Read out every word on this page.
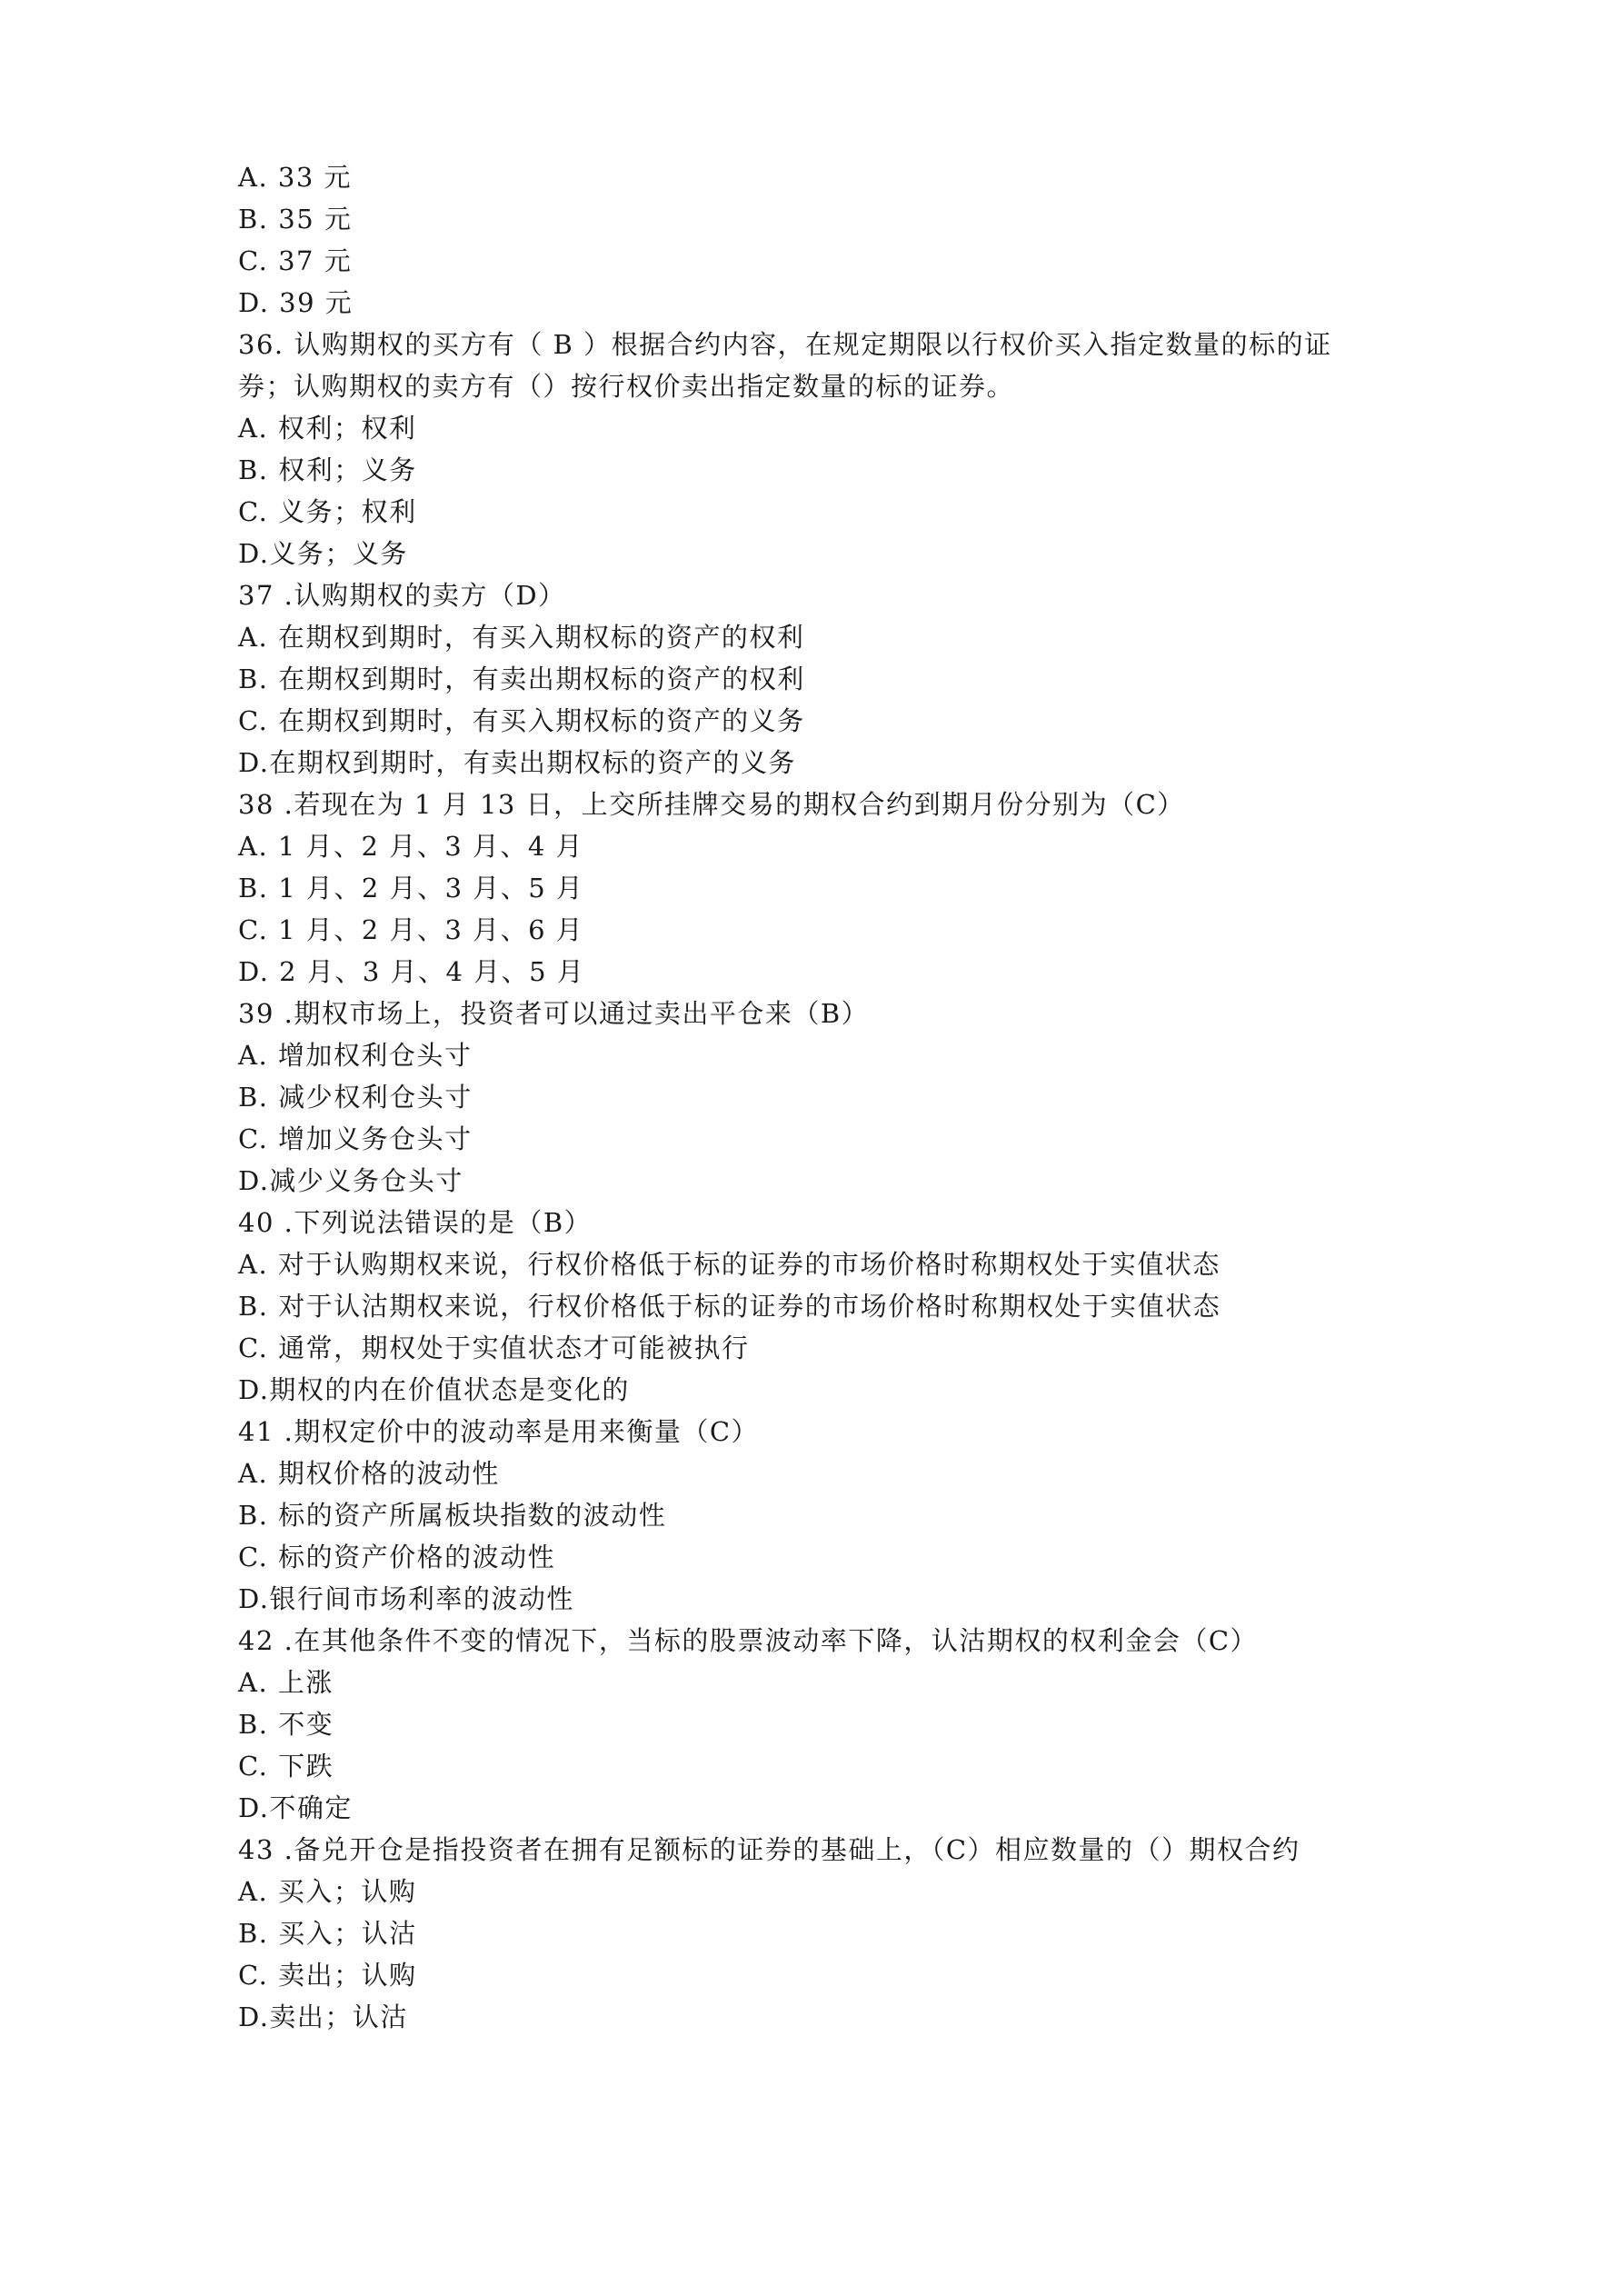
A. 33 元
B. 35 元
C. 37 元
D. 39 元
36. 认购期权的买方有（ B ）根据合约内容，在规定期限以行权价买入指定数量的标的证
券；认购期权的卖方有（）按行权价卖出指定数量的标的证券。
A. 权利；权利
B. 权利；义务
C. 义务；权利
D.义务；义务
37 .认购期权的卖方（D）
A. 在期权到期时，有买入期权标的资产的权利
B. 在期权到期时，有卖出期权标的资产的权利
C. 在期权到期时，有买入期权标的资产的义务
D.在期权到期时，有卖出期权标的资产的义务
38 .若现在为 1 月 13 日，上交所挂牌交易的期权合约到期月份分别为（C）
A. 1 月、2 月、3 月、4 月
B. 1 月、2 月、3 月、5 月
C. 1 月、2 月、3 月、6 月
D. 2 月、3 月、4 月、5 月
39 .期权市场上，投资者可以通过卖出平仓来（B）
A. 增加权利仓头寸
B. 减少权利仓头寸
C. 增加义务仓头寸
D.减少义务仓头寸
40 .下列说法错误的是（B）
A. 对于认购期权来说，行权价格低于标的证券的市场价格时称期权处于实值状态
B. 对于认沽期权来说，行权价格低于标的证券的市场价格时称期权处于实值状态
C. 通常，期权处于实值状态才可能被执行
D.期权的内在价值状态是变化的
41 .期权定价中的波动率是用来衡量（C）
A. 期权价格的波动性
B. 标的资产所属板块指数的波动性
C. 标的资产价格的波动性
D.银行间市场利率的波动性
42 .在其他条件不变的情况下，当标的股票波动率下降，认沽期权的权利金会（C）
A. 上涨
B. 不变
C. 下跌
D.不确定
43 .备兑开仓是指投资者在拥有足额标的证券的基础上，（C）相应数量的（）期权合约
A. 买入；认购
B. 买入；认沽
C. 卖出；认购
D.卖出；认沽
